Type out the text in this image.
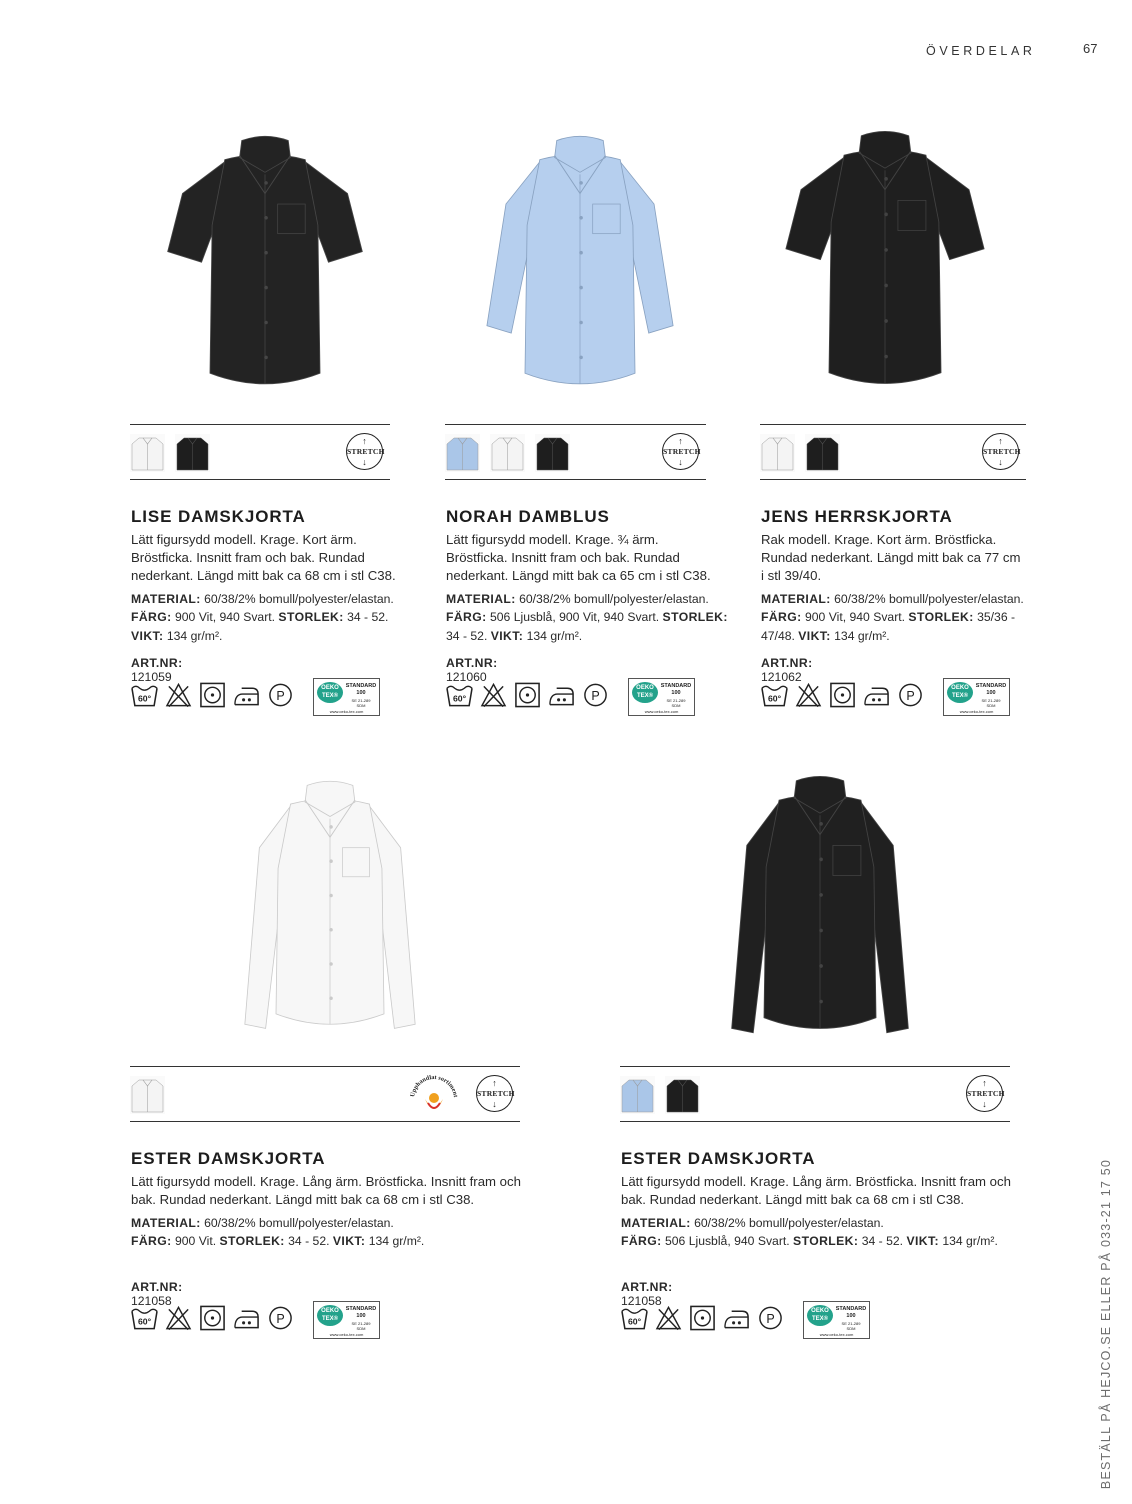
ÖVERDELAR	67
BESTÄLL PÅ HEJCO.SE ELLER PÅ 033-21 17 50
↑
STRETCH
↓
LISE DAMSKJORTA
Lätt figursydd modell. Krage. Kort ärm. Bröstficka. Insnitt fram och bak. Rundad nederkant. Längd mitt bak ca 68 cm i stl C38.
MATERIAL: 60/38/2% bomull/polyester/elastan.
FÄRG: 900 Vit, 940 Svart. STORLEK: 34 - 52. VIKT: 134 gr/m².
ART.NR: 121059
60°	P
OEKO
TEX®
STANDARD
100
SE 21-289
SDM
www.oeko-tex.com
↑
STRETCH
↓
NORAH DAMBLUS
Lätt figursydd modell. Krage. ¾ ärm. Bröstficka. Insnitt fram och bak. Rundad nederkant. Längd mitt bak ca 65 cm i stl C38.
MATERIAL: 60/38/2% bomull/polyester/elastan.
FÄRG: 506 Ljusblå, 900 Vit, 940 Svart. STORLEK: 34 - 52. VIKT: 134 gr/m².
ART.NR: 121060
60°	P
OEKO
TEX®
STANDARD
100
SE 21-289
SDM
www.oeko-tex.com
↑
STRETCH
↓
JENS HERRSKJORTA
Rak modell. Krage. Kort ärm. Bröstficka. Rundad nederkant. Längd mitt bak ca 77 cm i stl 39/40.
MATERIAL: 60/38/2% bomull/polyester/elastan.
FÄRG: 900 Vit, 940 Svart. STORLEK: 35/36 - 47/48. VIKT: 134 gr/m².
ART.NR: 121062
60°	P
OEKO
TEX®
STANDARD
100
SE 21-289
SDM
www.oeko-tex.com
↑
STRETCH
↓
Upphandlat sortiment
ESTER DAMSKJORTA
Lätt figursydd modell. Krage. Lång ärm. Bröstficka. Insnitt fram och bak. Rundad nederkant. Längd mitt bak ca 68 cm i stl C38.
MATERIAL: 60/38/2% bomull/polyester/elastan.
FÄRG: 900 Vit. STORLEK: 34 - 52. VIKT: 134 gr/m².
ART.NR: 121058
60°	P
OEKO
TEX®
STANDARD
100
SE 21-289
SDM
www.oeko-tex.com
↑
STRETCH
↓
ESTER DAMSKJORTA
Lätt figursydd modell. Krage. Lång ärm. Bröstficka. Insnitt fram och bak. Rundad nederkant. Längd mitt bak ca 68 cm i stl C38.
MATERIAL: 60/38/2% bomull/polyester/elastan.
FÄRG: 506 Ljusblå, 940 Svart. STORLEK: 34 - 52. VIKT: 134 gr/m².
ART.NR: 121058
60°	P
OEKO
TEX®
STANDARD
100
SE 21-289
SDM
www.oeko-tex.com
